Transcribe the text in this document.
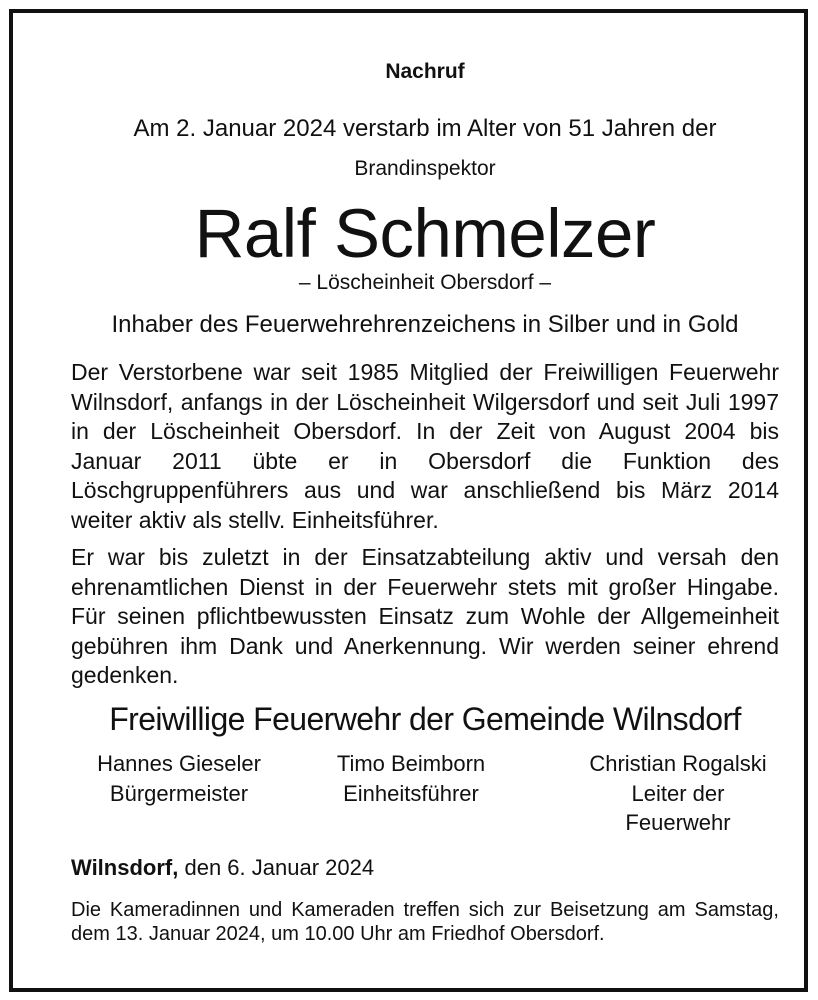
Nachruf
Am 2. Januar 2024 verstarb im Alter von 51 Jahren der
Brandinspektor
Ralf Schmelzer
– Löscheinheit Obersdorf –
Inhaber des Feuerwehrehrenzeichens in Silber und in Gold
Der Verstorbene war seit 1985 Mitglied der Freiwilligen Feuerwehr Wilnsdorf, anfangs in der Löscheinheit Wilgersdorf und seit Juli 1997 in der Löscheinheit Obersdorf. In der Zeit von August 2004 bis Januar 2011 übte er in Obersdorf die Funktion des Löschgruppenführers aus und war anschließend bis März 2014 weiter aktiv als stellv. Einheitsführer.
Er war bis zuletzt in der Einsatzabteilung aktiv und versah den ehrenamtlichen Dienst in der Feuerwehr stets mit großer Hingabe. Für seinen pflichtbewussten Einsatz zum Wohle der Allgemeinheit gebühren ihm Dank und Anerkennung. Wir werden seiner ehrend gedenken.
Freiwillige Feuerwehr der Gemeinde Wilnsdorf
Hannes Gieseler
Bürgermeister
Timo Beimborn
Einheitsführer
Christian Rogalski
Leiter der Feuerwehr
Wilnsdorf, den 6. Januar 2024
Die Kameradinnen und Kameraden treffen sich zur Beisetzung am Samstag, dem 13. Januar 2024, um 10.00 Uhr am Friedhof Obersdorf.
